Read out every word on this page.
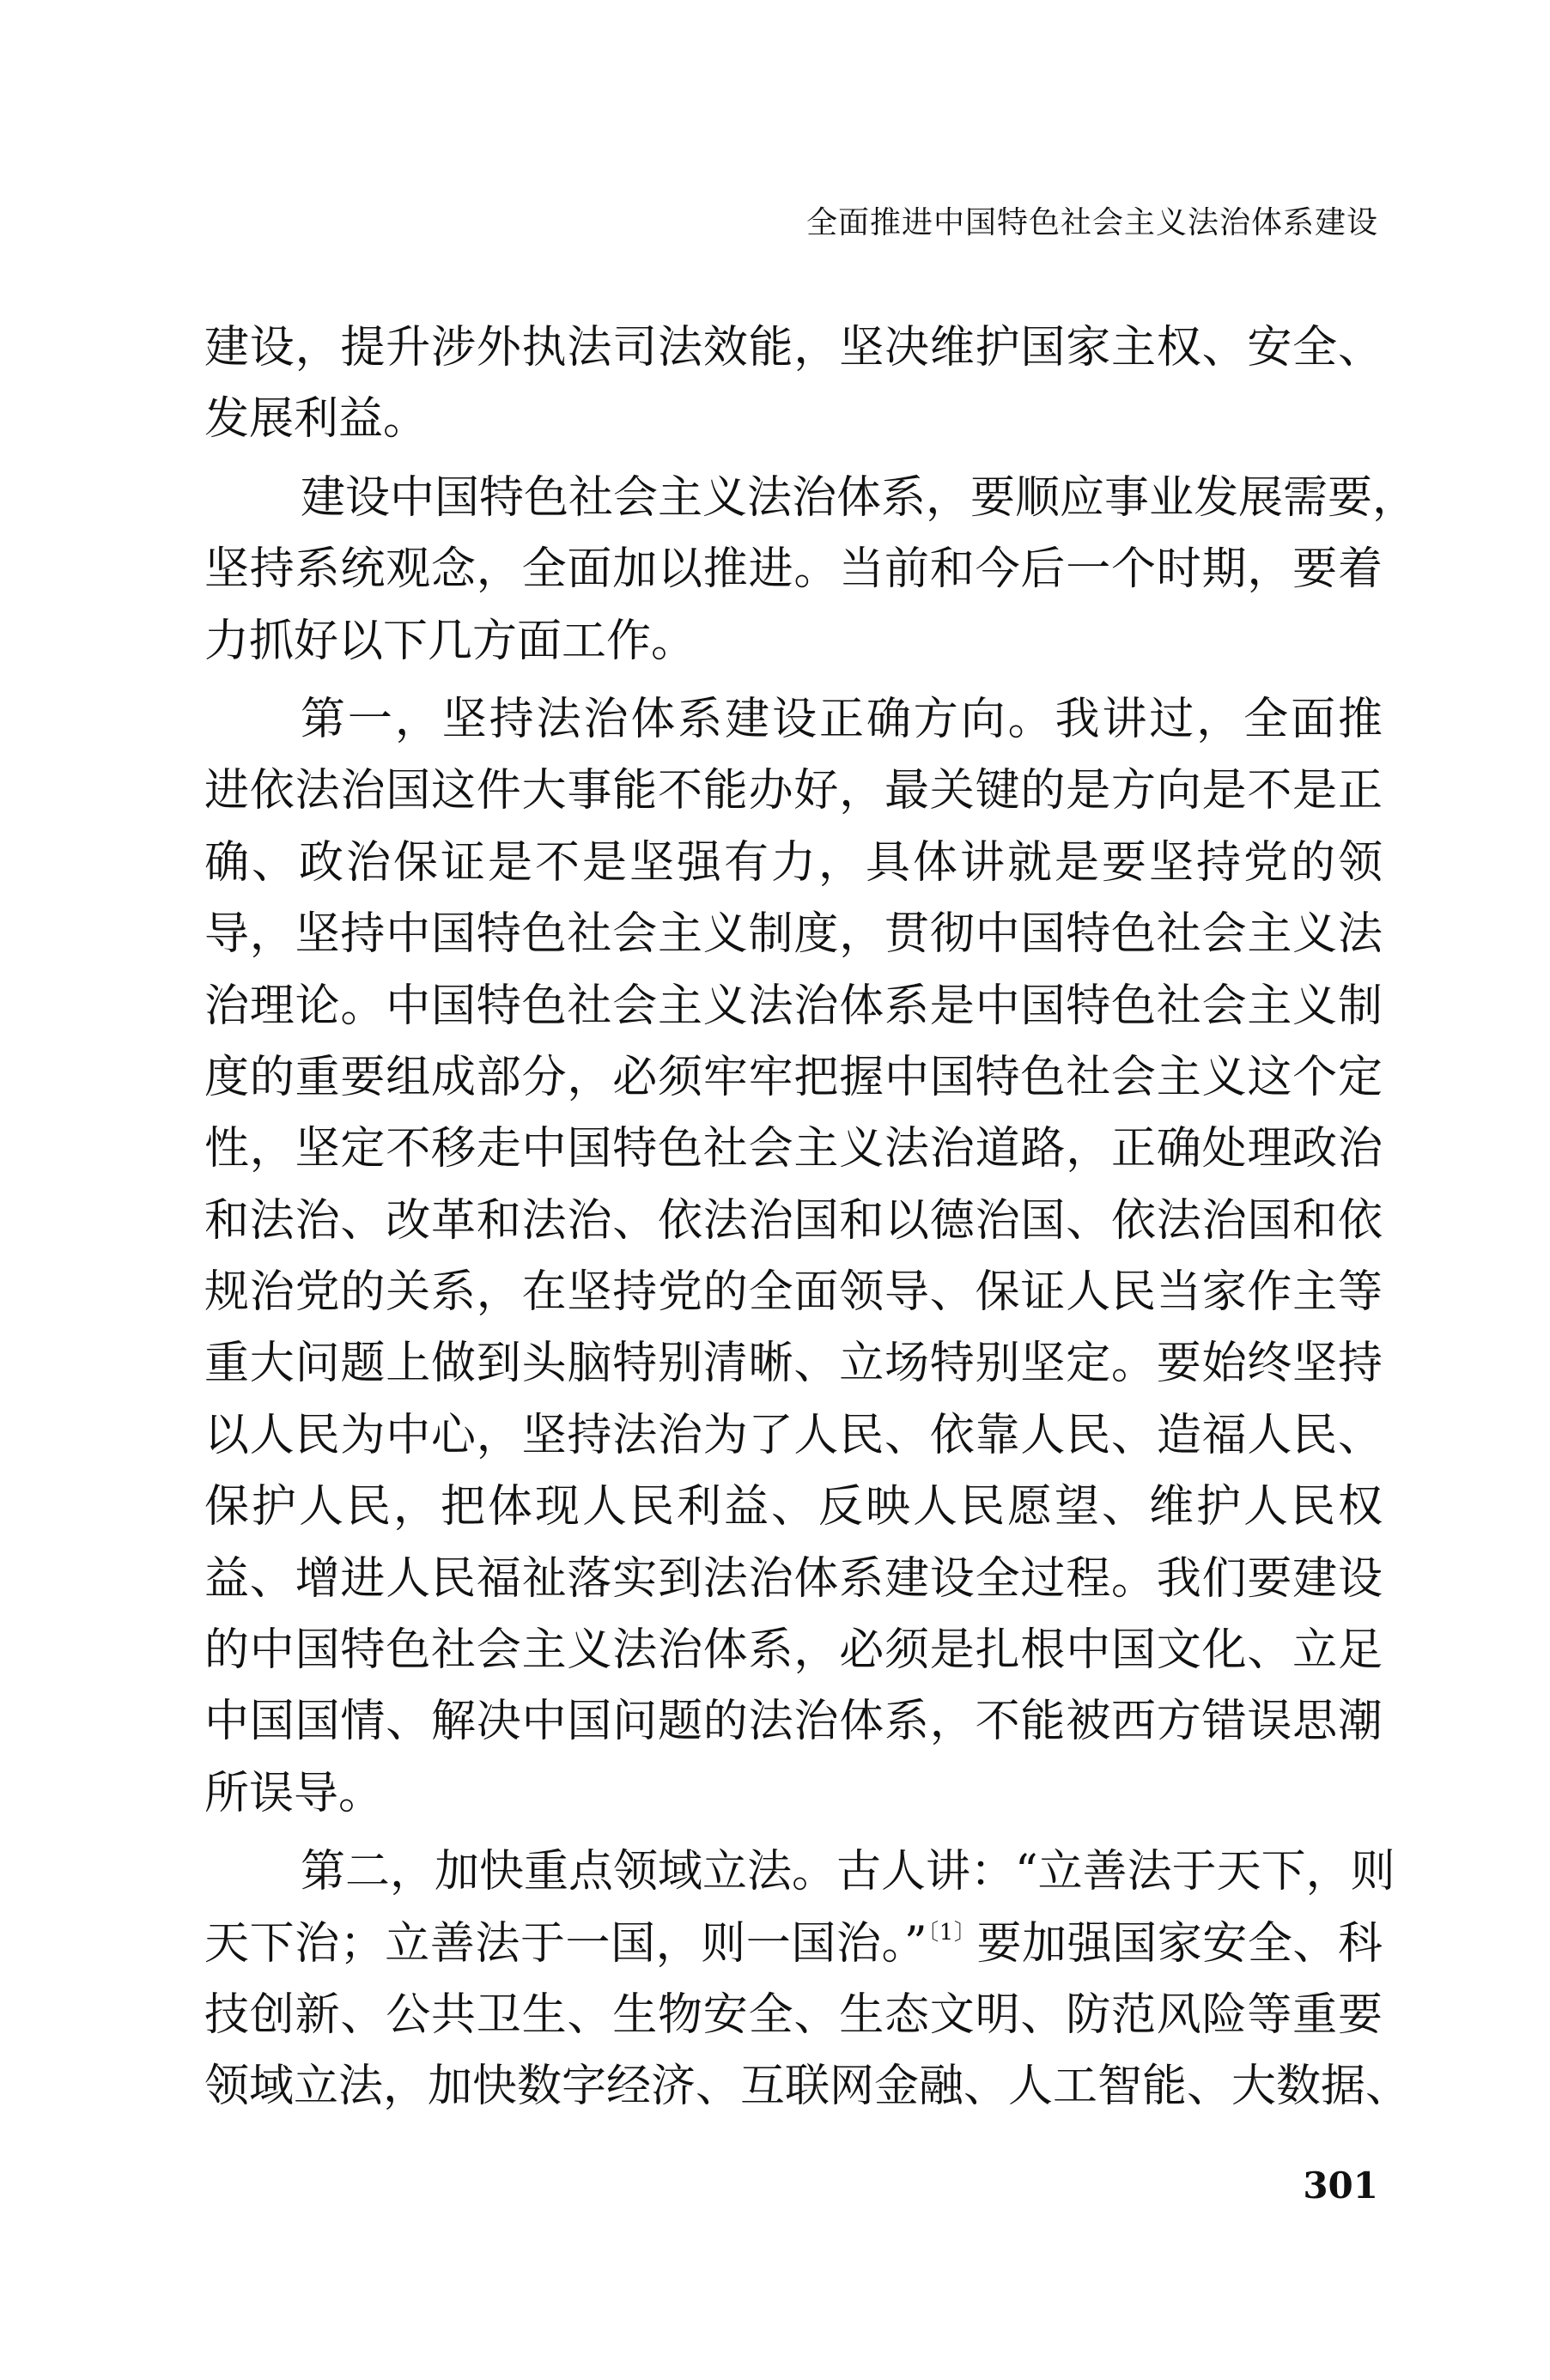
全面推进中国特色社会主义法治体系建设
建设，提升涉外执法司法效能，坚决维护国家主权、安全、
发展利益。
建设中国特色社会主义法治体系，要顺应事业发展需要，
坚持系统观念，全面加以推进。当前和今后一个时期，要着
力抓好以下几方面工作。
第一，坚持法治体系建设正确方向。我讲过，全面推
进依法治国这件大事能不能办好，最关键的是方向是不是正
确、政治保证是不是坚强有力，具体讲就是要坚持党的领
导，坚持中国特色社会主义制度，贯彻中国特色社会主义法
治理论。中国特色社会主义法治体系是中国特色社会主义制
度的重要组成部分，必须牢牢把握中国特色社会主义这个定
性，坚定不移走中国特色社会主义法治道路，正确处理政治
和法治、改革和法治、依法治国和以德治国、依法治国和依
规治党的关系，在坚持党的全面领导、保证人民当家作主等
重大问题上做到头脑特别清晰、立场特别坚定。要始终坚持
以人民为中心，坚持法治为了人民、依靠人民、造福人民、
保护人民，把体现人民利益、反映人民愿望、维护人民权
益、增进人民福祉落实到法治体系建设全过程。我们要建设
的中国特色社会主义法治体系，必须是扎根中国文化、立足
中国国情、解决中国问题的法治体系，不能被西方错误思潮
所误导。
第二，加快重点领域立法。古人讲：“立善法于天下，则
天下治；立善法于一国，则一国治。”$^{〔1〕}$要加强国家安全、科
技创新、公共卫生、生物安全、生态文明、防范风险等重要
领域立法，加快数字经济、互联网金融、人工智能、大数据、
301
